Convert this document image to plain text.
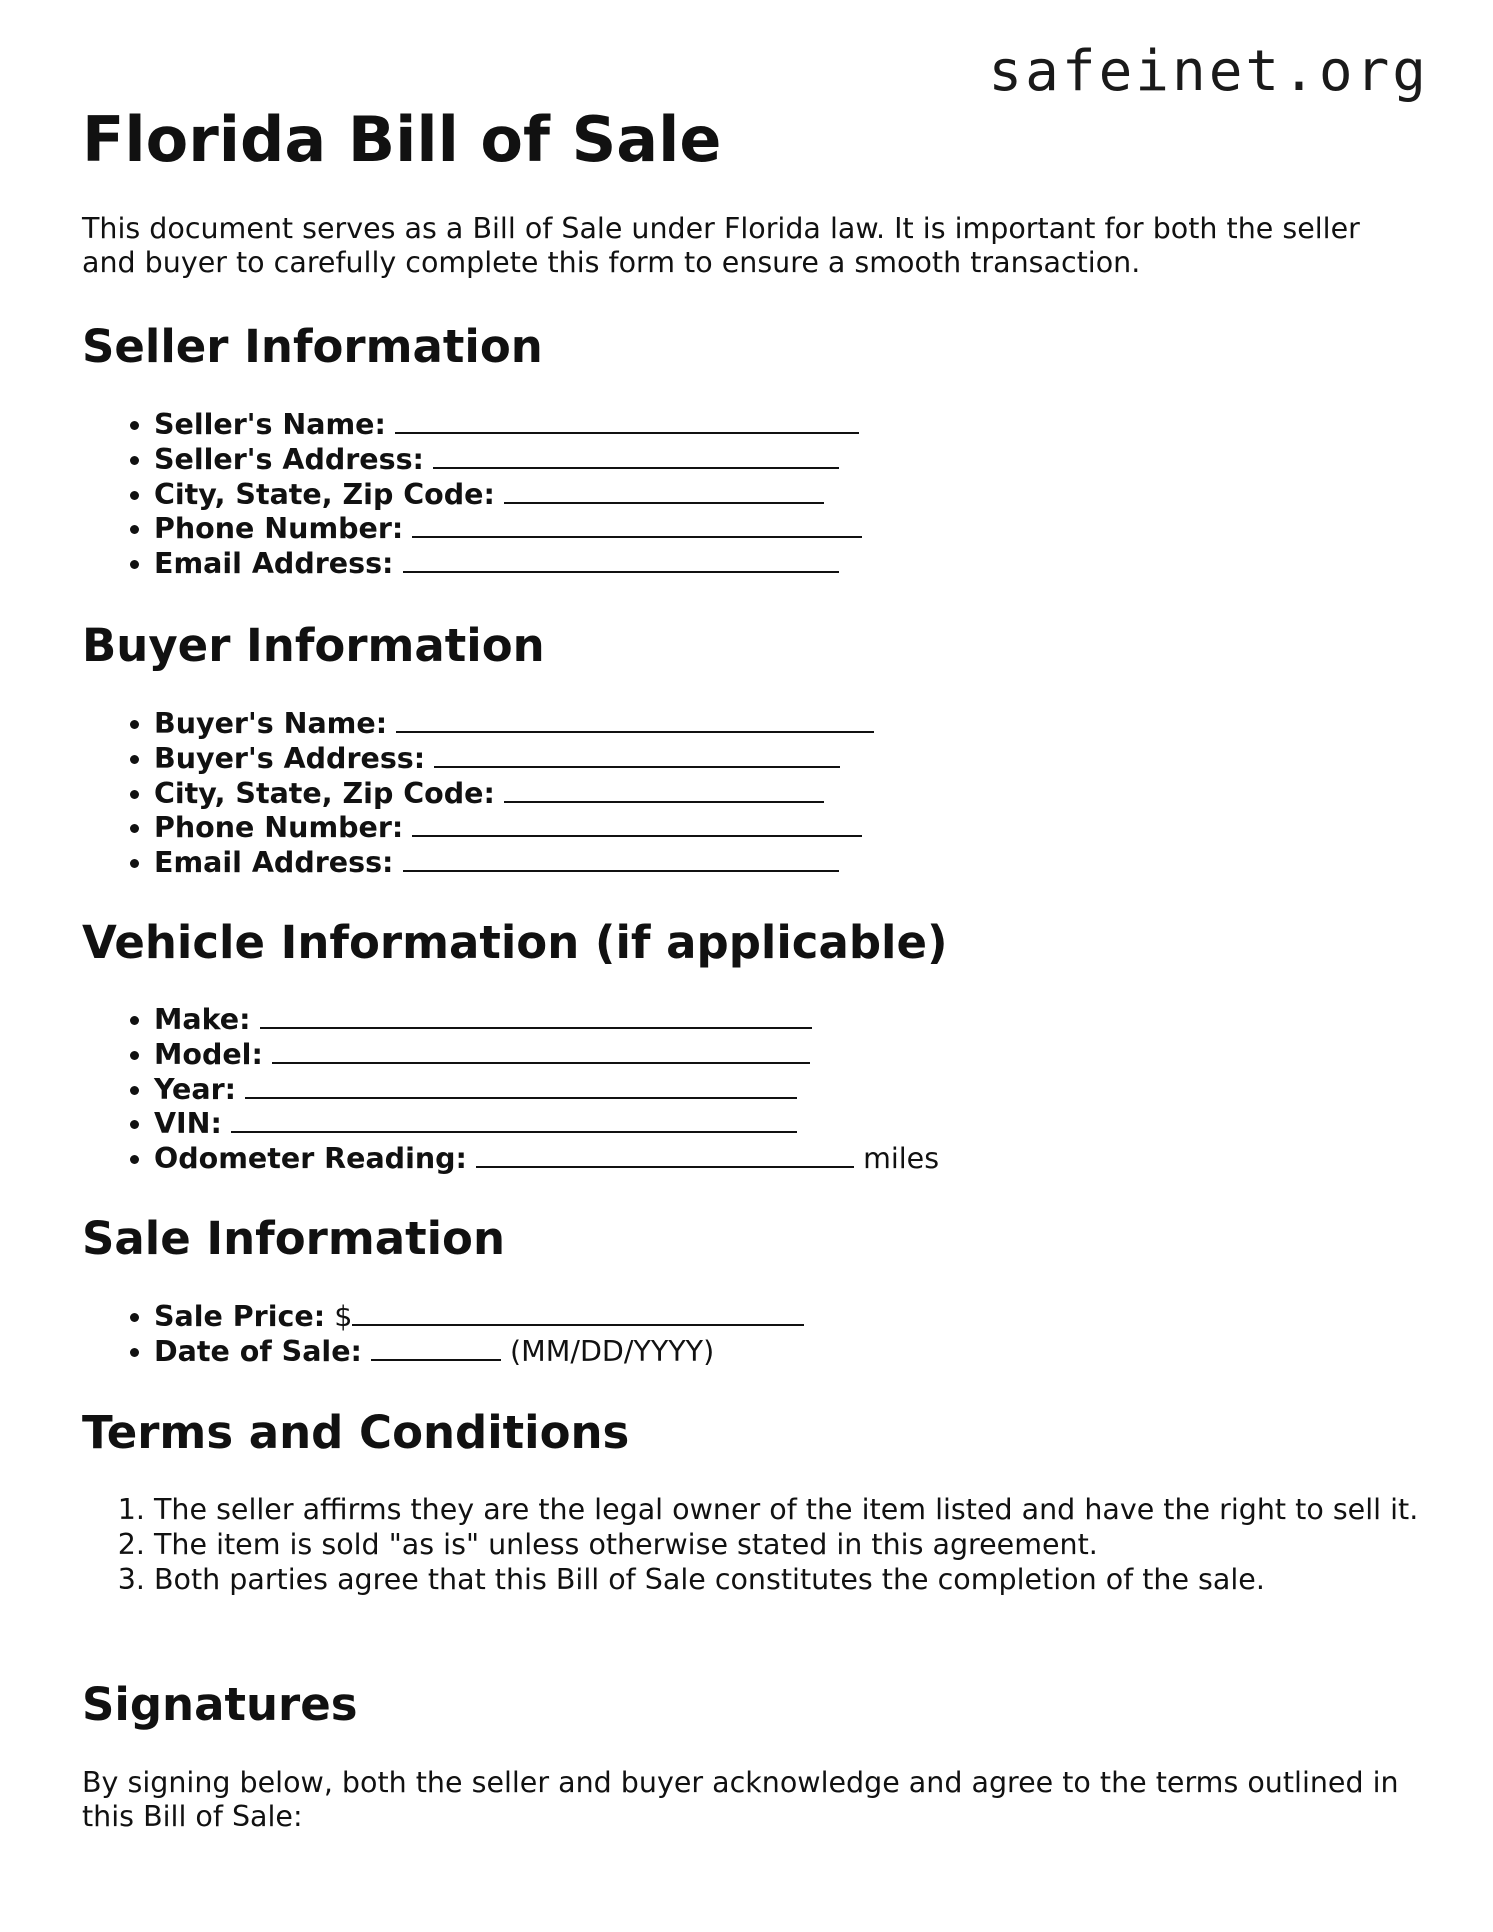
safeinet.org
Florida Bill of Sale

This document serves as a Bill of Sale under Florida law. It is important for both the seller and buyer to carefully complete this form to ensure a smooth transaction.

Seller Information
• Seller's Name:
• Seller's Address:
• City, State, Zip Code:
• Phone Number:
• Email Address:
Buyer Information
• Buyer's Name:
• Buyer's Address:
• City, State, Zip Code:
• Phone Number:
• Email Address:
Vehicle Information (if applicable)
• Make:
• Model:
• Year:
• VIN:
• Odometer Reading:	miles
Sale Information
• Sale Price: $
• Date of Sale:	(MM/DD/YYYY)
Terms and Conditions
1. The seller affirms they are the legal owner of the item listed and have the right to sell it.
2. The item is sold "as is" unless otherwise stated in this agreement.
3. Both parties agree that this Bill of Sale constitutes the completion of the sale.
Signatures

By signing below, both the seller and buyer acknowledge and agree to the terms outlined in this Bill of Sale:
